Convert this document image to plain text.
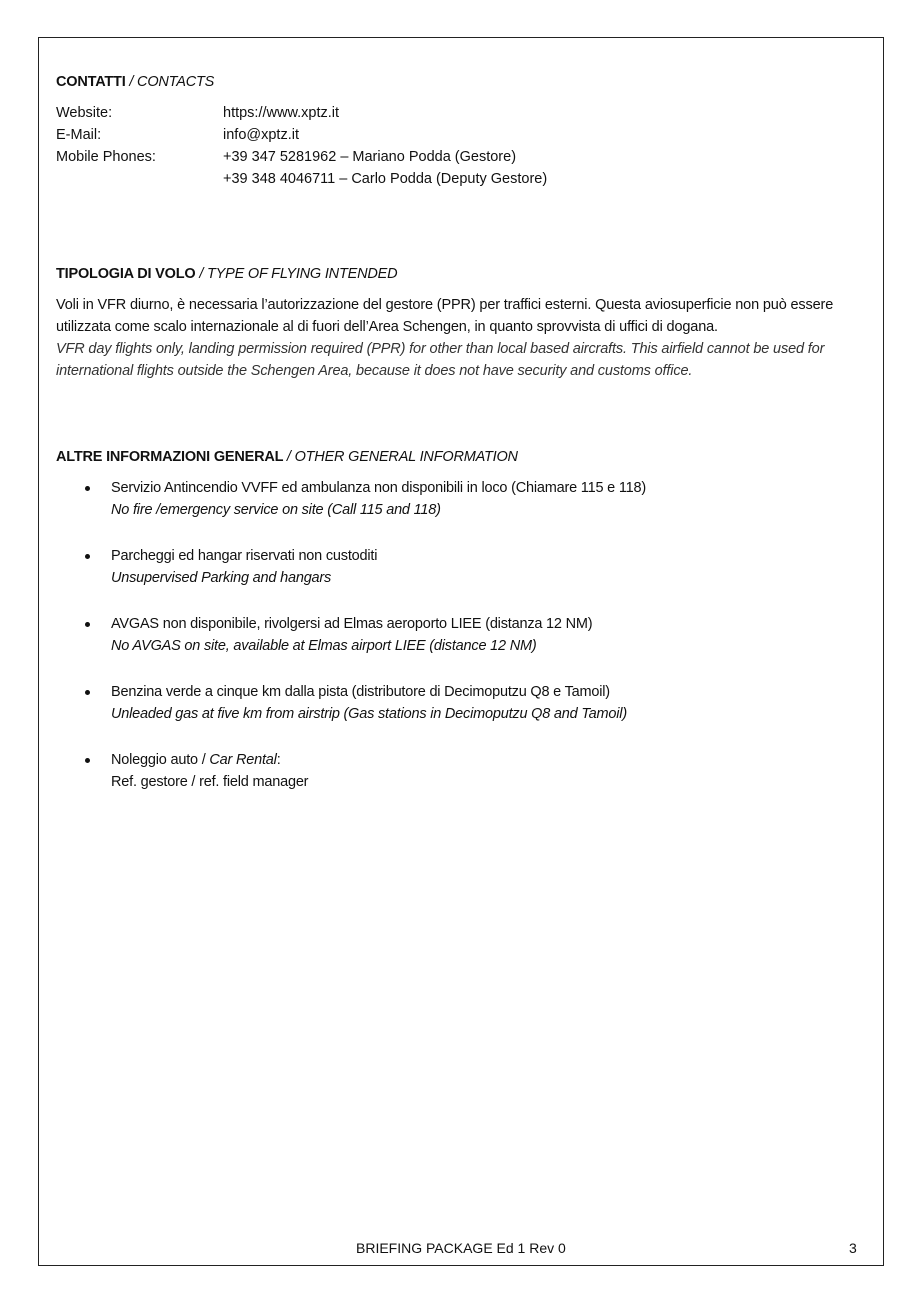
CONTATTI / CONTACTS
Website:	https://www.xptz.it
E-Mail:	info@xptz.it
Mobile Phones:	+39 347 5281962 – Mariano Podda (Gestore)
+39 348 4046711 – Carlo Podda (Deputy Gestore)
TIPOLOGIA DI VOLO / TYPE OF FLYING INTENDED
Voli in VFR diurno, è necessaria l’autorizzazione del gestore (PPR) per traffici esterni. Questa aviosuperficie non può essere utilizzata come scalo internazionale al di fuori dell’Area Schengen, in quanto sprovvista di uffici di dogana.
VFR day flights only, landing permission required (PPR) for other than local based aircrafts. This airfield cannot be used for international flights outside the Schengen Area, because it does not have security and customs office.
ALTRE INFORMAZIONI GENERAL / OTHER GENERAL INFORMATION
Servizio Antincendio VVFF ed ambulanza non disponibili in loco (Chiamare 115 e 118)
No fire /emergency service on site (Call 115 and 118)
Parcheggi ed hangar riservati non custoditi
Unsupervised Parking and hangars
AVGAS non disponibile, rivolgersi ad Elmas aeroporto LIEE (distanza 12 NM)
No AVGAS on site, available at Elmas airport LIEE (distance 12 NM)
Benzina verde a cinque km dalla pista (distributore di Decimoputzu Q8 e Tamoil)
Unleaded gas at five km from airstrip (Gas stations in Decimoputzu Q8 and Tamoil)
Noleggio auto / Car Rental:
Ref. gestore / ref. field manager
BRIEFING PACKAGE Ed 1 Rev 0	3
